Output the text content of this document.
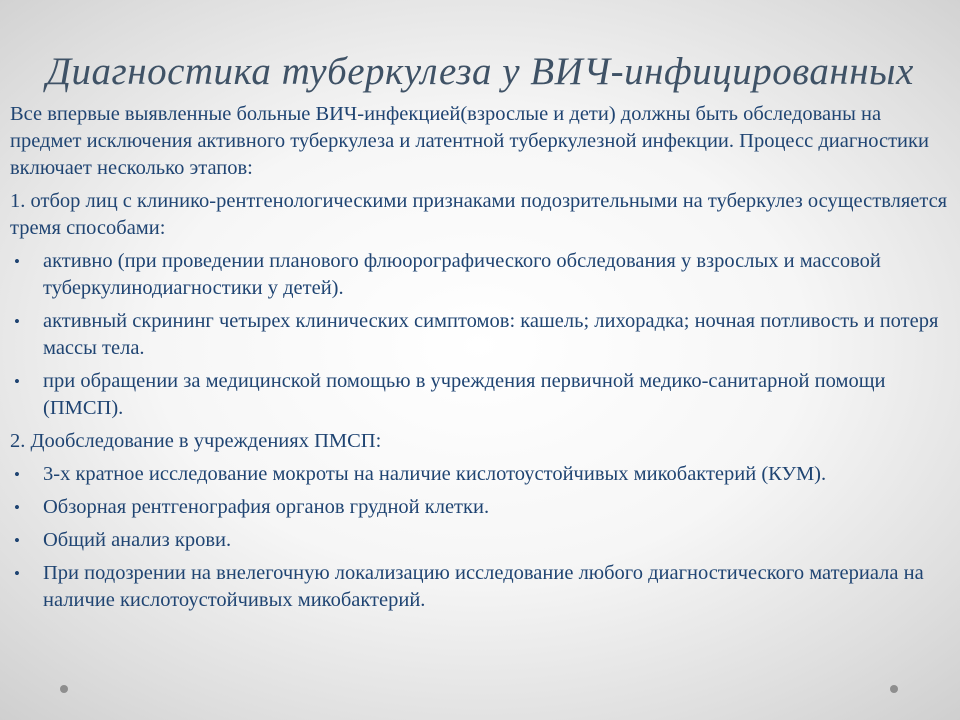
Диагностика туберкулеза у ВИЧ-инфицированных

Все впервые выявленные больные ВИЧ-инфекцией(взрослые и дети) должны быть обследованы на предмет исключения активного туберкулеза и латентной туберкулезной инфекции. Процесс диагностики включает несколько этапов:

1. отбор лиц с клинико-рентгенологическими признаками подозрительными на туберкулез осуществляется тремя способами:

• активно (при проведении планового флюорографического обследования у взрослых и массовой туберкулинодиагностики у детей).
• активный скрининг четырех клинических симптомов: кашель; лихорадка; ночная потливость и потеря массы тела.
• при обращении за медицинской помощью в учреждения первичной медико-санитарной помощи (ПМСП).

2. Дообследование в учреждениях ПМСП:

• 3-х кратное исследование мокроты на наличие кислотоустойчивых микобактерий (КУМ).
• Обзорная рентгенография органов грудной клетки.
• Общий анализ крови.
• При подозрении на внелегочную локализацию исследование любого диагностического материала на наличие кислотоустойчивых микобактерий.
